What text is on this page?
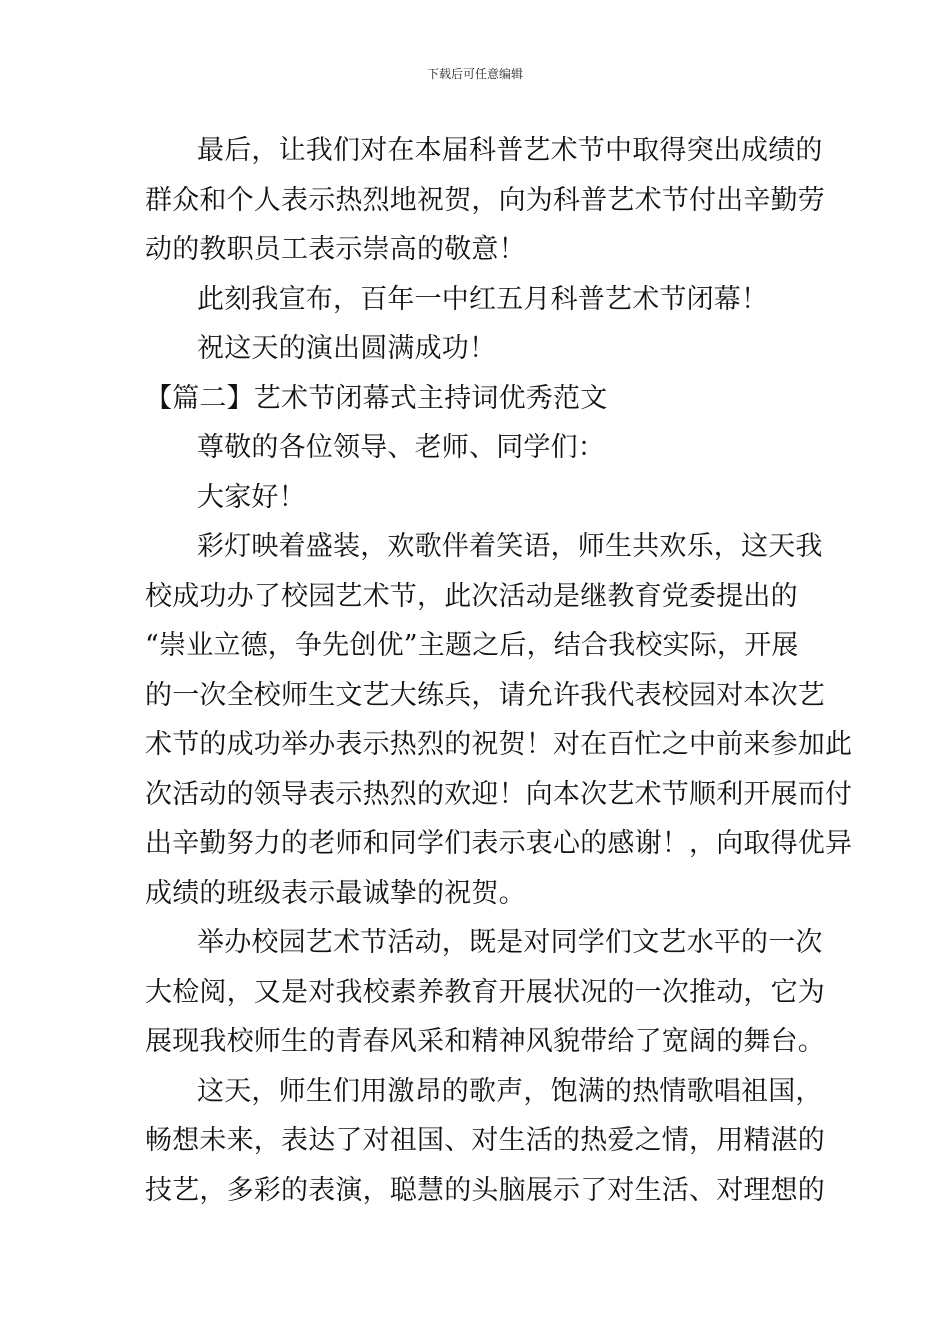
下载后可任意编辑
最后，让我们对在本届科普艺术节中取得突出成绩的
群众和个人表示热烈地祝贺，向为科普艺术节付出辛勤劳
动的教职员工表示崇高的敬意！
此刻我宣布，百年一中红五月科普艺术节闭幕！
祝这天的演出圆满成功！
【篇二】艺术节闭幕式主持词优秀范文
尊敬的各位领导、老师、同学们：
大家好！
彩灯映着盛装，欢歌伴着笑语，师生共欢乐，这天我
校成功办了校园艺术节，此次活动是继教育党委提出的
“崇业立德，争先创优”主题之后，结合我校实际，开展
的一次全校师生文艺大练兵，请允许我代表校园对本次艺
术节的成功举办表示热烈的祝贺！对在百忙之中前来参加此
次活动的领导表示热烈的欢迎！向本次艺术节顺利开展而付
出辛勤努力的老师和同学们表示衷心的感谢！，向取得优异
成绩的班级表示最诚挚的祝贺。
举办校园艺术节活动，既是对同学们文艺水平的一次
大检阅，又是对我校素养教育开展状况的一次推动，它为
展现我校师生的青春风采和精神风貌带给了宽阔的舞台。
这天，师生们用激昂的歌声，饱满的热情歌唱祖国，
畅想未来，表达了对祖国、对生活的热爱之情，用精湛的
技艺，多彩的表演，聪慧的头脑展示了对生活、对理想的
